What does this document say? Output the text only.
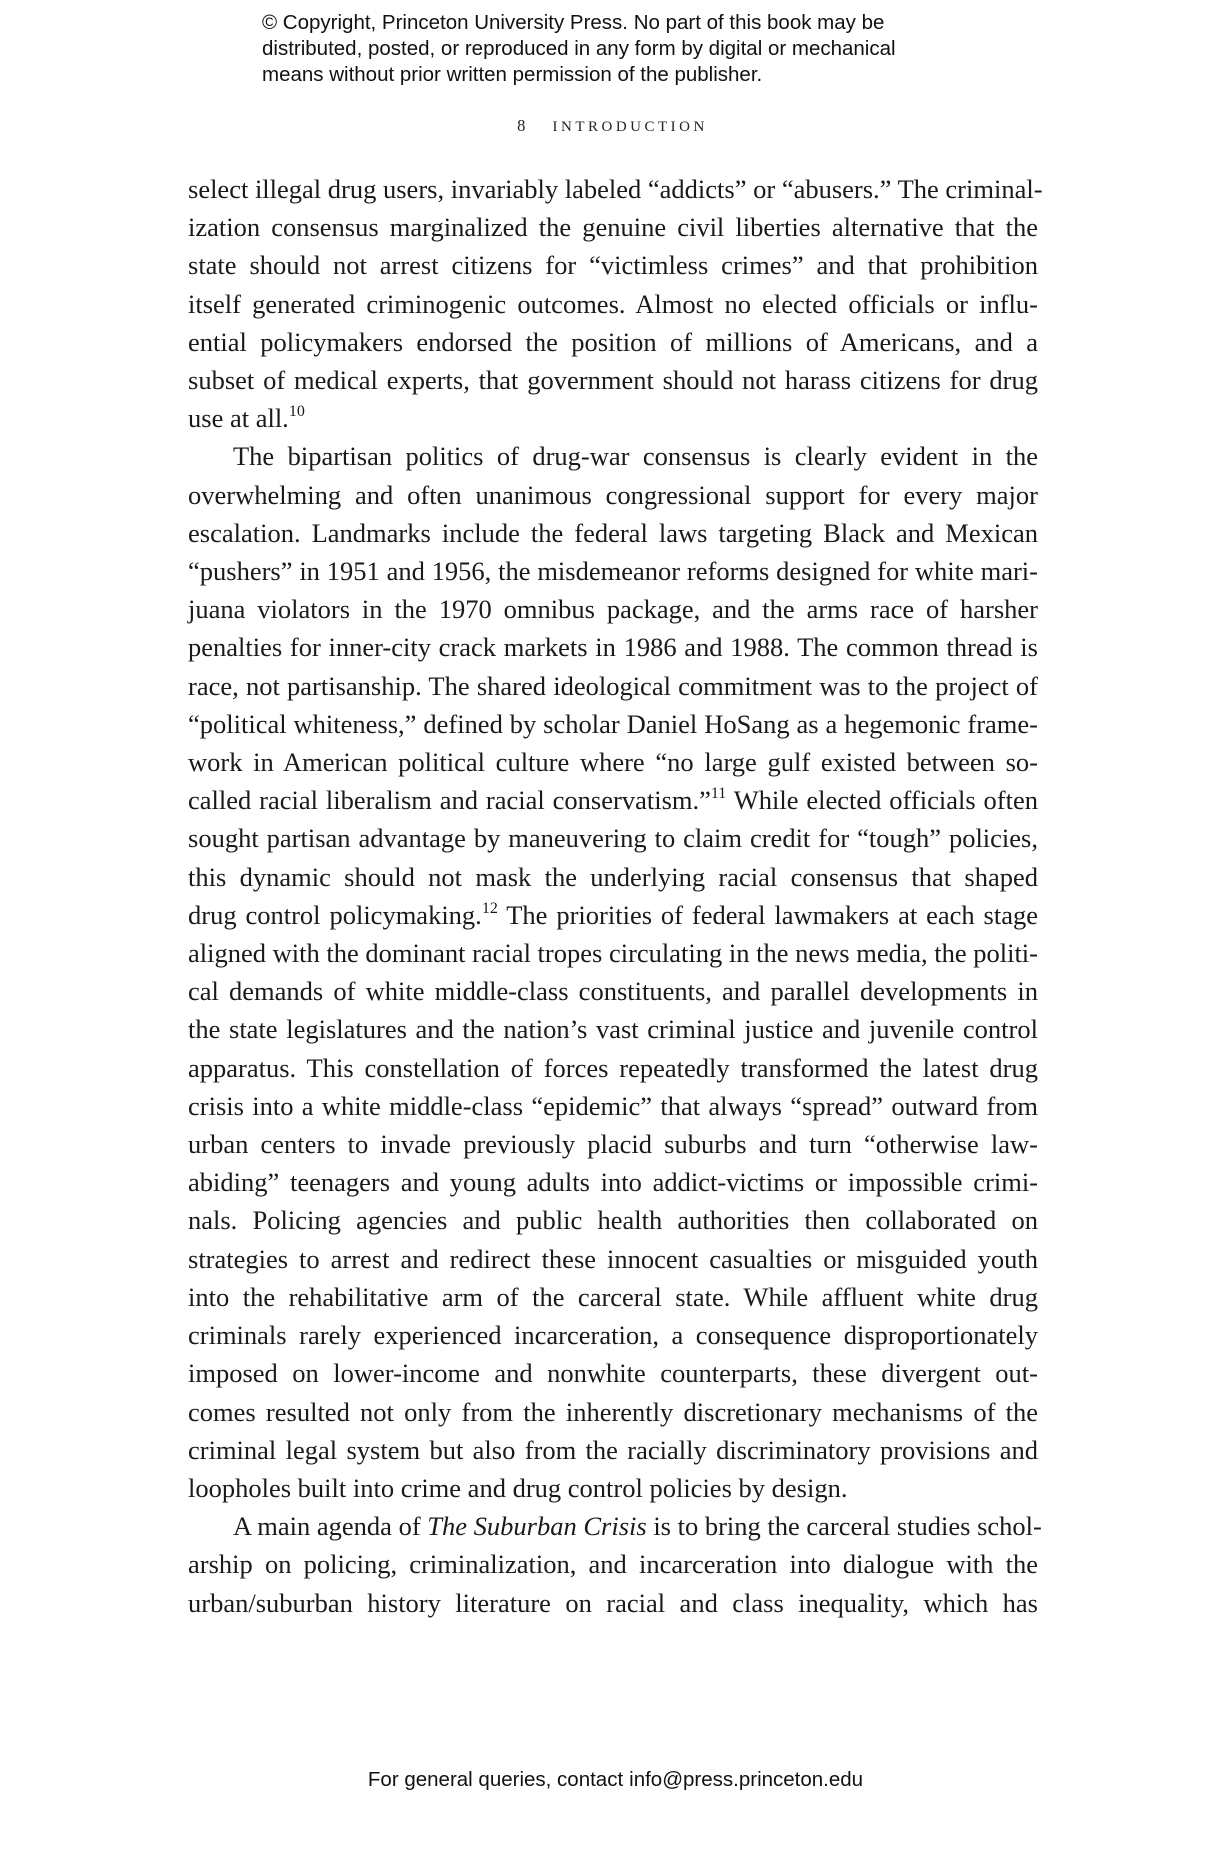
© Copyright, Princeton University Press. No part of this book may be
distributed, posted, or reproduced in any form by digital or mechanical
means without prior written permission of the publisher.
8 introduction
select illegal drug users, invariably labeled “addicts” or “abusers.” The criminal-
ization consensus marginalized the genuine civil liberties alternative that the
state should not arrest citizens for “victimless crimes” and that prohibition
itself generated criminogenic outcomes. Almost no elected officials or influ-
ential policymakers endorsed the position of millions of Americans, and a
subset of medical experts, that government should not harass citizens for drug
use at all.$^{10}$
The bipartisan politics of drug-war consensus is clearly evident in the
overwhelming and often unanimous congressional support for every major
escalation. Landmarks include the federal laws targeting Black and Mexican
“pushers” in 1951 and 1956, the misdemeanor reforms designed for white mari-
juana violators in the 1970 omnibus package, and the arms race of harsher
penalties for inner-city crack markets in 1986 and 1988. The common thread is
race, not partisanship. The shared ideological commitment was to the project of
“political whiteness,” defined by scholar Daniel HoSang as a hegemonic frame-
work in American political culture where “no large gulf existed between so-
called racial liberalism and racial conservatism.”$^{11}$ While elected officials often
sought partisan advantage by maneuvering to claim credit for “tough” policies,
this dynamic should not mask the underlying racial consensus that shaped
drug control policymaking.$^{12}$ The priorities of federal lawmakers at each stage
aligned with the dominant racial tropes circulating in the news media, the politi-
cal demands of white middle-class constituents, and parallel developments in
the state legislatures and the nation’s vast criminal justice and juvenile control
apparatus. This constellation of forces repeatedly transformed the latest drug
crisis into a white middle-class “epidemic” that always “spread” outward from
urban centers to invade previously placid suburbs and turn “otherwise law-
abiding” teenagers and young adults into addict-victims or impossible crimi-
nals. Policing agencies and public health authorities then collaborated on
strategies to arrest and redirect these innocent casualties or misguided youth
into the rehabilitative arm of the carceral state. While affluent white drug
criminals rarely experienced incarceration, a consequence disproportionately
imposed on lower-income and nonwhite counterparts, these divergent out-
comes resulted not only from the inherently discretionary mechanisms of the
criminal legal system but also from the racially discriminatory provisions and
loopholes built into crime and drug control policies by design.
A main agenda of The Suburban Crisis is to bring the carceral studies schol-
arship on policing, criminalization, and incarceration into dialogue with the
urban/suburban history literature on racial and class inequality, which has
For general queries, contact info@press.princeton.edu
